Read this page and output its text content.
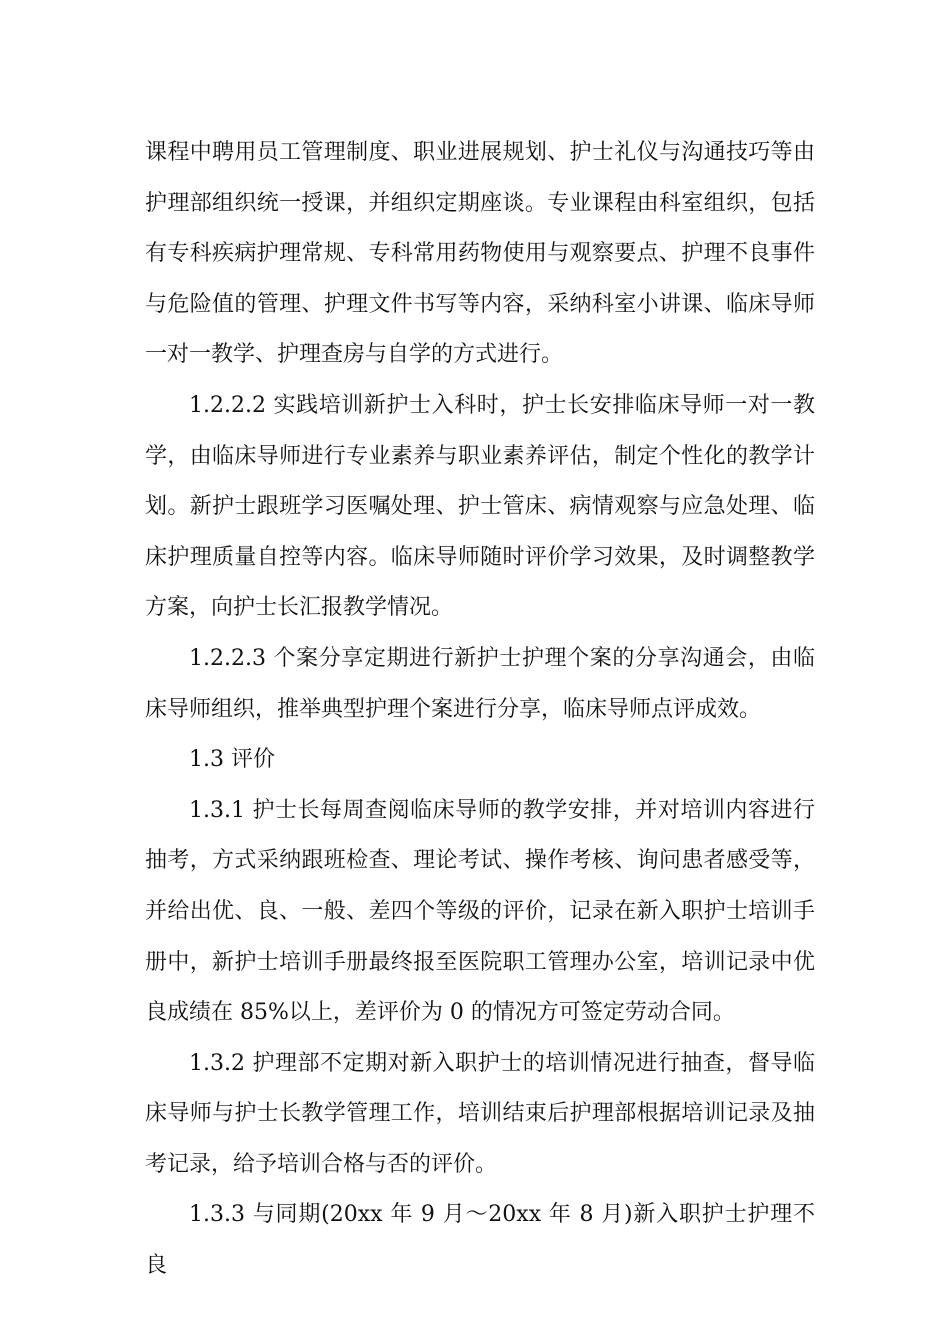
课程中聘用员工管理制度、职业进展规划、护士礼仪与沟通技巧等由护理部组织统一授课，并组织定期座谈。专业课程由科室组织，包括有专科疾病护理常规、专科常用药物使用与观察要点、护理不良事件与危险值的管理、护理文件书写等内容，采纳科室小讲课、临床导师一对一教学、护理查房与自学的方式进行。

1.2.2.2 实践培训新护士入科时，护士长安排临床导师一对一教学，由临床导师进行专业素养与职业素养评估，制定个性化的教学计划。新护士跟班学习医嘱处理、护士管床、病情观察与应急处理、临床护理质量自控等内容。临床导师随时评价学习效果，及时调整教学方案，向护士长汇报教学情况。

1.2.2.3 个案分享定期进行新护士护理个案的分享沟通会，由临床导师组织，推举典型护理个案进行分享，临床导师点评成效。

1.3 评价

1.3.1 护士长每周查阅临床导师的教学安排，并对培训内容进行抽考，方式采纳跟班检查、理论考试、操作考核、询问患者感受等，并给出优、良、一般、差四个等级的评价，记录在新入职护士培训手册中，新护士培训手册最终报至医院职工管理办公室，培训记录中优良成绩在 85%以上，差评价为 0 的情况方可签定劳动合同。

1.3.2 护理部不定期对新入职护士的培训情况进行抽查，督导临床导师与护士长教学管理工作，培训结束后护理部根据培训记录及抽考记录，给予培训合格与否的评价。

1.3.3 与同期(20xx 年 9 月～20xx 年 8 月)新入职护士护理不良
